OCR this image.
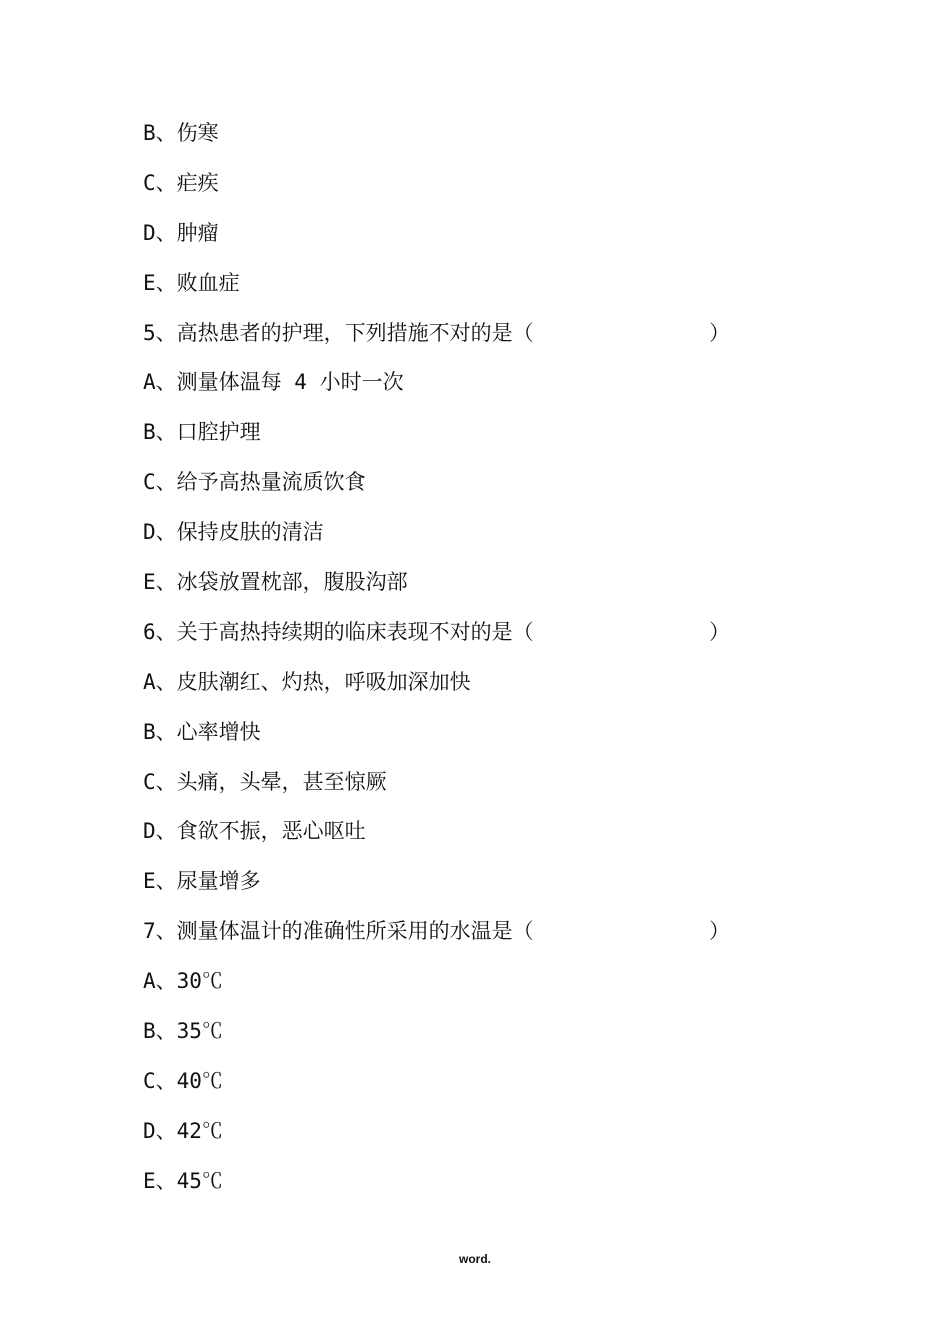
B、伤寒
C、疟疾
D、肿瘤
E、败血症
5、高热患者的护理，下列措施不对的是（	）
A、测量体温每 4 小时一次
B、口腔护理
C、给予高热量流质饮食
D、保持皮肤的清洁
E、冰袋放置枕部，腹股沟部
6、关于高热持续期的临床表现不对的是（	）
A、皮肤潮红、灼热，呼吸加深加快
B、心率增快
C、头痛，头晕，甚至惊厥
D、食欲不振，恶心呕吐
E、尿量增多
7、测量体温计的准确性所采用的水温是（	）
A、30℃
B、35℃
C、40℃
D、42℃
E、45℃
word.
